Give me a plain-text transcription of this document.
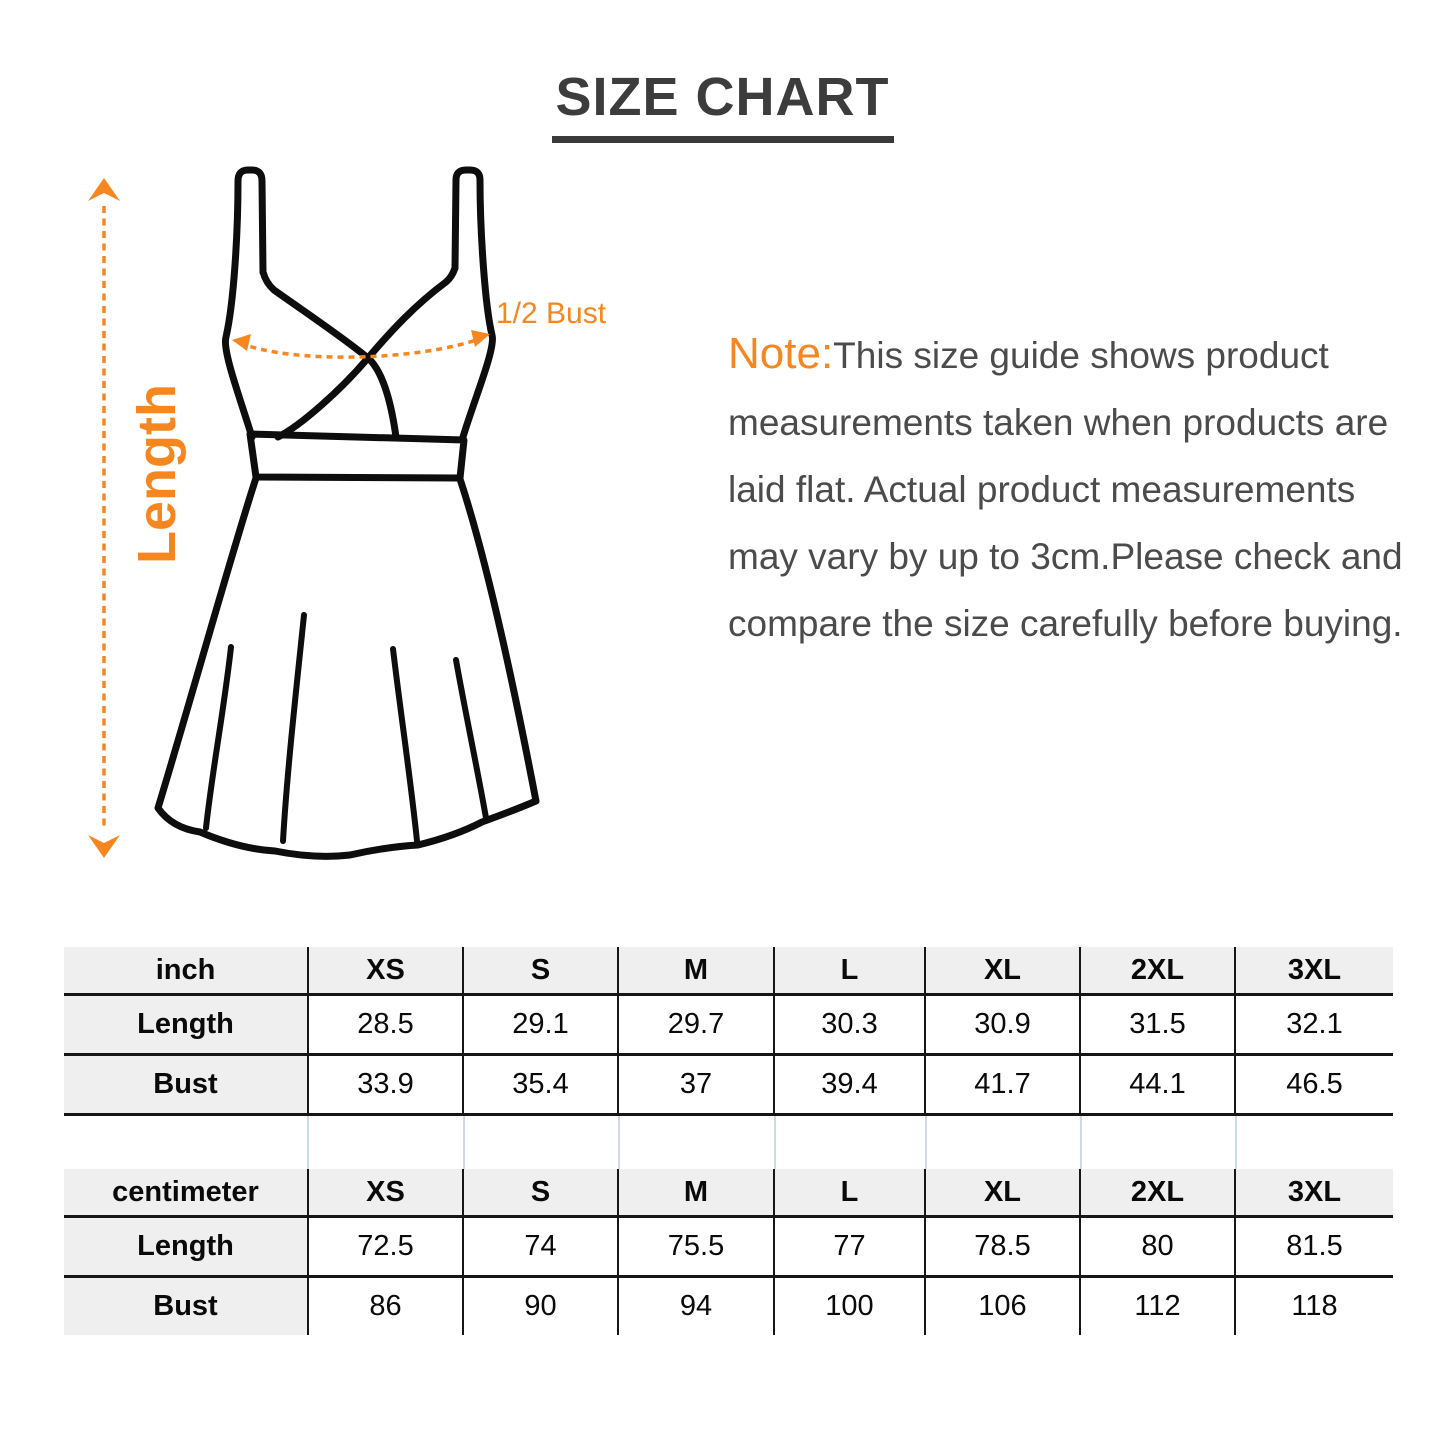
SIZE CHART
Length
1/2 Bust
Note:This size guide shows product
measurements taken when products are
laid flat. Actual product measurements
may vary by up to 3cm.Please check and
compare the size carefully before buying.
inch	XS	S	M	L	XL	2XL	3XL
Length	28.5	29.1	29.7	30.3	30.9	31.5	32.1
Bust	33.9	35.4	37	39.4	41.7	44.1	46.5
centimeter	XS	S	M	L	XL	2XL	3XL
Length	72.5	74	75.5	77	78.5	80	81.5
Bust	86	90	94	100	106	112	118
